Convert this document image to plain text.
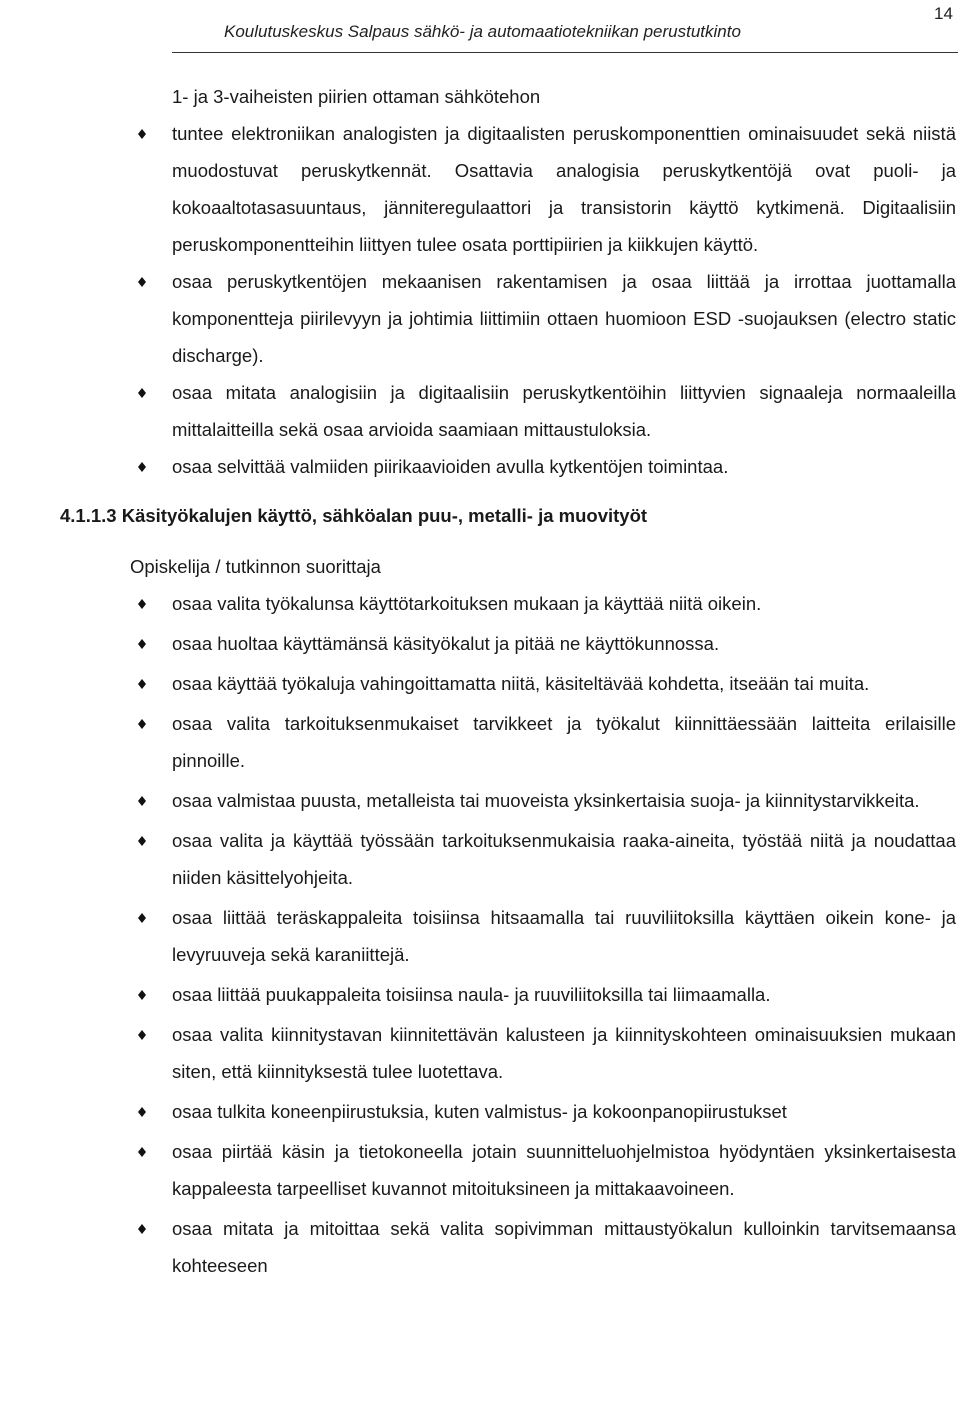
Koulutuskeskus Salpaus sähkö- ja automaatiotekniikan perustutkinto
14
1- ja 3-vaiheisten piirien ottaman sähkötehon
tuntee elektroniikan analogisten ja digitaalisten peruskomponenttien ominaisuudet sekä niistä muodostuvat peruskytkennät. Osattavia analogisia peruskytkentöjä ovat puoli- ja kokoaaltotasasuuntaus, jänniteregulaattori ja transistorin käyttö kytkimenä. Digitaalisiin peruskomponentteihin liittyen tulee osata porttipiirien ja kiikkujen käyttö.
osaa peruskytkentöjen mekaanisen rakentamisen ja osaa liittää ja irrottaa juottamalla komponentteja piirilevyyn ja johtimia liittimiin ottaen huomioon ESD -suojauksen (electro static discharge).
osaa mitata analogisiin ja digitaalisiin peruskytkentöihin liittyvien signaaleja normaaleilla mittalaitteilla sekä osaa arvioida saamiaan mittaustuloksia.
osaa selvittää valmiiden piirikaavioiden avulla kytkentöjen toimintaa.
4.1.1.3 Käsityökalujen käyttö, sähköalan puu-, metalli- ja muovityöt
Opiskelija / tutkinnon suorittaja
osaa valita työkalunsa käyttötarkoituksen mukaan ja käyttää niitä oikein.
osaa huoltaa käyttämänsä käsityökalut ja pitää ne käyttökunnossa.
osaa käyttää työkaluja vahingoittamatta niitä, käsiteltävää kohdetta, itseään tai muita.
osaa valita tarkoituksenmukaiset tarvikkeet ja työkalut kiinnittäessään laitteita erilaisille pinnoille.
osaa valmistaa puusta, metalleista tai muoveista yksinkertaisia suoja- ja kiinnitystarvikkeita.
osaa valita ja käyttää työssään tarkoituksenmukaisia raaka-aineita, työstää niitä ja noudattaa niiden käsittelyohjeita.
osaa liittää teräskappaleita toisiinsa hitsaamalla tai ruuviliitoksilla käyttäen oikein kone- ja levyruuveja sekä karaniittejä.
osaa liittää puukappaleita toisiinsa naula- ja ruuviliitoksilla tai liimaamalla.
osaa valita kiinnitystavan kiinnitettävän kalusteen ja kiinnityskohteen ominaisuuksien mukaan siten, että kiinnityksestä tulee luotettava.
osaa tulkita koneenpiirustuksia, kuten valmistus- ja kokoonpanopiirustukset
osaa piirtää käsin ja tietokoneella jotain suunnitteluohjelmistoa hyödyntäen yksinkertaisesta kappaleesta tarpeelliset kuvannot mitoituksineen ja mittakaavoineen.
osaa mitata ja mitoittaa sekä valita sopivimman mittaustyökalun kulloinkin tarvitsemaansa kohteeseen
